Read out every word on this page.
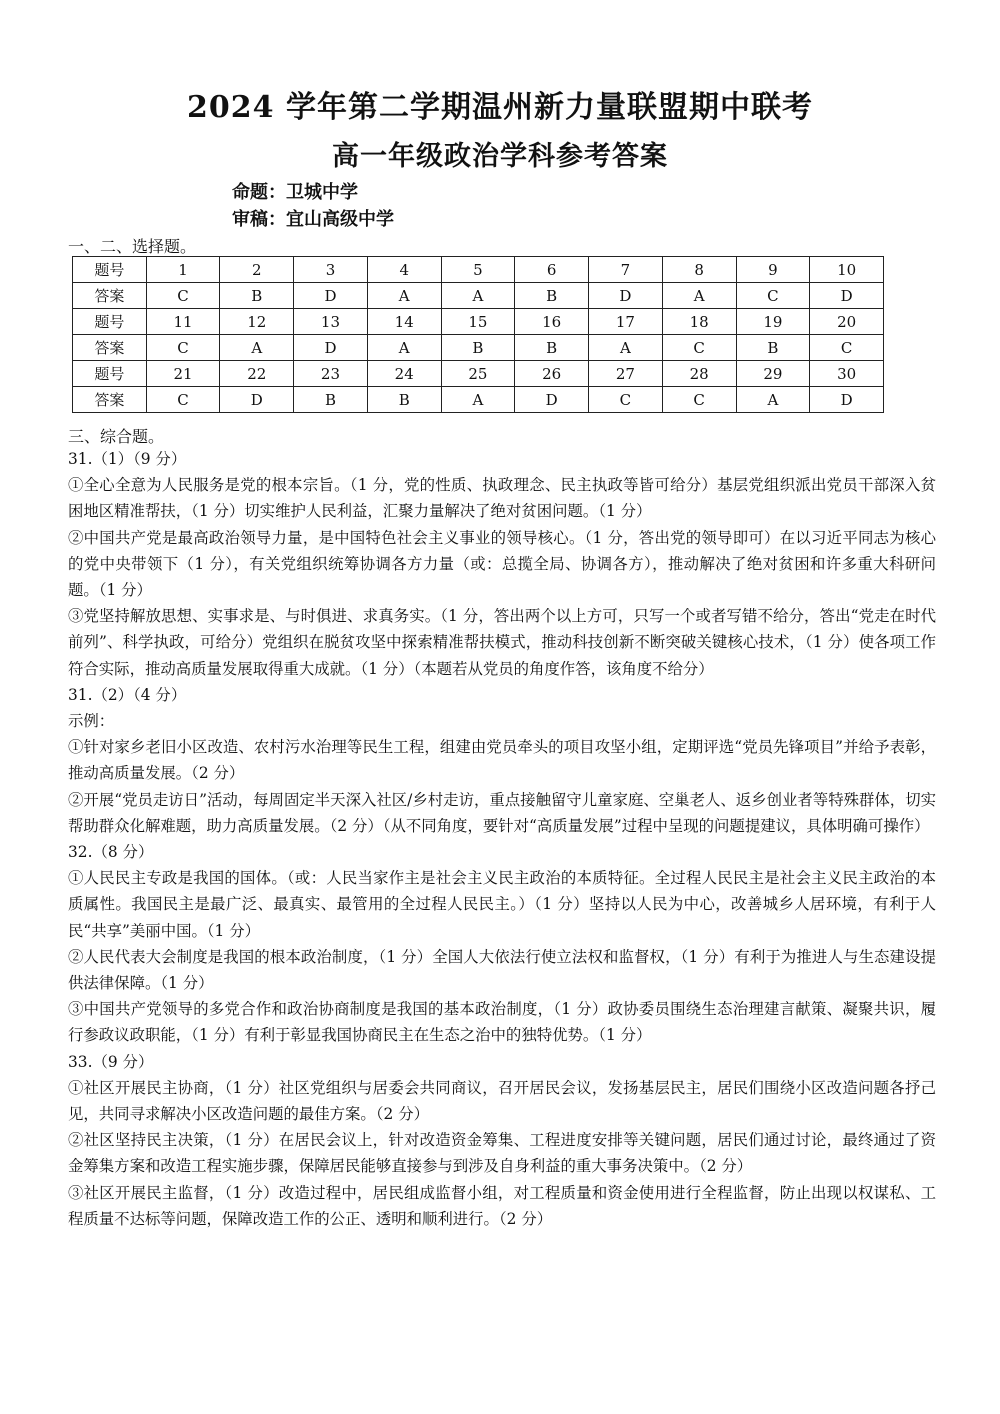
2024 学年第二学期温州新力量联盟期中联考
高一年级政治学科参考答案
命题：卫城中学
审稿：宜山高级中学
一、二、选择题。
题号	1	2	3	4	5	6	7	8	9	10
答案	C	B	D	A	A	B	D	A	C	D
题号	11	12	13	14	15	16	17	18	19	20
答案	C	A	D	A	B	B	A	C	B	C
题号	21	22	23	24	25	26	27	28	29	30
答案	C	D	B	B	A	D	C	C	A	D
三、综合题。

31.（1）（9 分）

①全心全意为人民服务是党的根本宗旨。（1 分，党的性质、执政理念、民主执政等皆可给分）基层党组织派出党员干部深入贫困地区精准帮扶，（1 分）切实维护人民利益，汇聚力量解决了绝对贫困问题。（1 分）

②中国共产党是最高政治领导力量，是中国特色社会主义事业的领导核心。（1 分，答出党的领导即可）在以习近平同志为核心的党中央带领下（1 分），有关党组织统筹协调各方力量（或：总揽全局、协调各方），推动解决了绝对贫困和许多重大科研问题。（1 分）

③党坚持解放思想、实事求是、与时俱进、求真务实。（1 分，答出两个以上方可，只写一个或者写错不给分，答出“党走在时代前列”、科学执政，可给分）党组织在脱贫攻坚中探索精准帮扶模式，推动科技创新不断突破关键核心技术，（1 分）使各项工作符合实际，推动高质量发展取得重大成就。（1 分）（本题若从党员的角度作答，该角度不给分）

31.（2）（4 分）

示例：

①针对家乡老旧小区改造、农村污水治理等民生工程，组建由党员牵头的项目攻坚小组，定期评选“党员先锋项目”并给予表彰，推动高质量发展。（2 分）

②开展“党员走访日”活动，每周固定半天深入社区/乡村走访，重点接触留守儿童家庭、空巢老人、返乡创业者等特殊群体，切实帮助群众化解难题，助力高质量发展。（2 分）（从不同角度，要针对“高质量发展”过程中呈现的问题提建议，具体明确可操作）

32.（8 分）

①人民民主专政是我国的国体。（或：人民当家作主是社会主义民主政治的本质特征。全过程人民民主是社会主义民主政治的本质属性。我国民主是最广泛、最真实、最管用的全过程人民民主。）（1 分）坚持以人民为中心，改善城乡人居环境，有利于人民“共享”美丽中国。（1 分）

②人民代表大会制度是我国的根本政治制度，（1 分）全国人大依法行使立法权和监督权，（1 分）有利于为推进人与生态建设提供法律保障。（1 分）

③中国共产党领导的多党合作和政治协商制度是我国的基本政治制度，（1 分）政协委员围绕生态治理建言献策、凝聚共识，履行参政议政职能，（1 分）有利于彰显我国协商民主在生态之治中的独特优势。（1 分）

33.（9 分）

①社区开展民主协商，（1 分）社区党组织与居委会共同商议，召开居民会议，发扬基层民主，居民们围绕小区改造问题各抒己见，共同寻求解决小区改造问题的最佳方案。（2 分）

②社区坚持民主决策，（1 分）在居民会议上，针对改造资金筹集、工程进度安排等关键问题，居民们通过讨论，最终通过了资金筹集方案和改造工程实施步骤，保障居民能够直接参与到涉及自身利益的重大事务决策中。（2 分）

③社区开展民主监督，（1 分）改造过程中，居民组成监督小组，对工程质量和资金使用进行全程监督，防止出现以权谋私、工程质量不达标等问题，保障改造工作的公正、透明和顺利进行。（2 分）
